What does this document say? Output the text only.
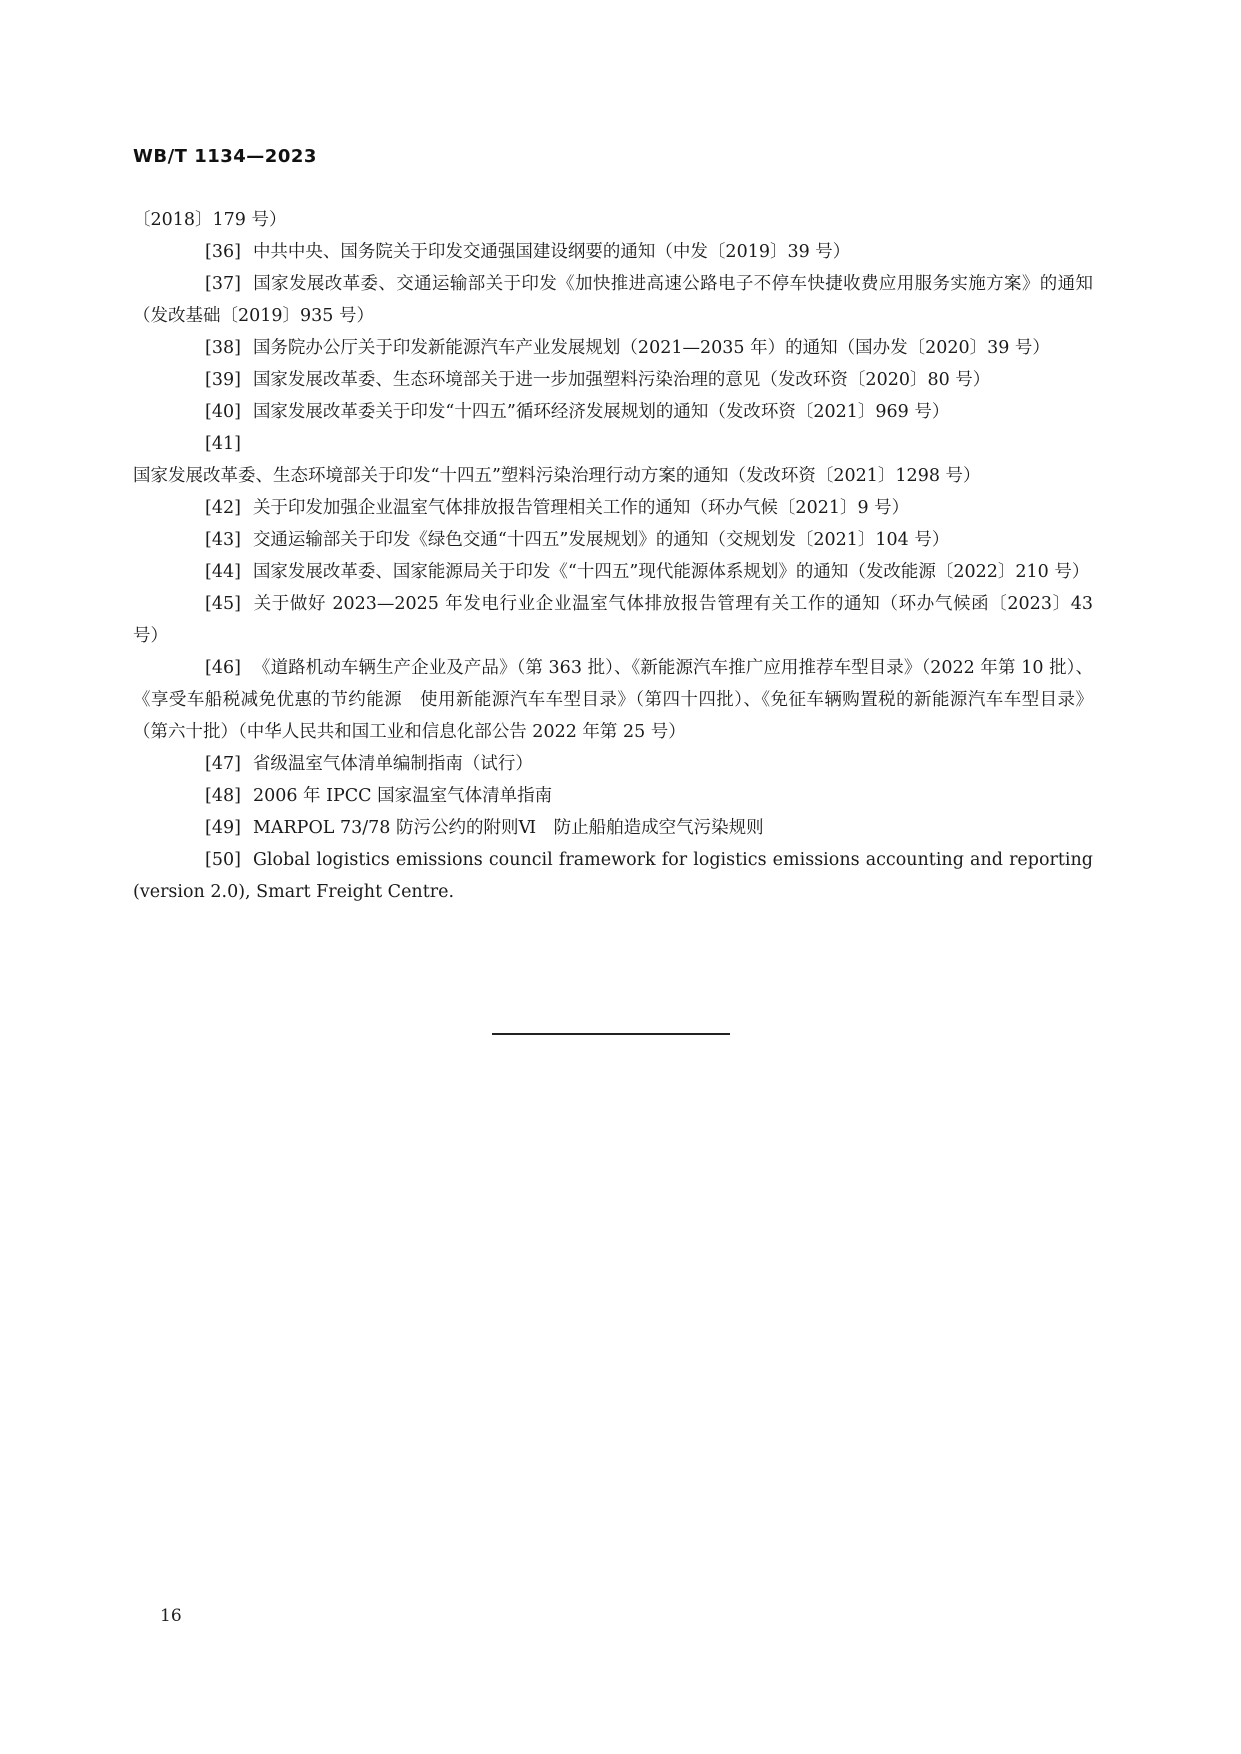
WB/T 1134—2023

〔2018〕179 号）

[36] 中共中央、国务院关于印发交通强国建设纲要的通知（中发〔2019〕39 号）

[37] 国家发展改革委、交通运输部关于印发《加快推进高速公路电子不停车快捷收费应用服务实施方案》的通知（发改基础〔2019〕935 号）

[38] 国务院办公厅关于印发新能源汽车产业发展规划（2021—2035 年）的通知（国办发〔2020〕39 号）

[39] 国家发展改革委、生态环境部关于进一步加强塑料污染治理的意见（发改环资〔2020〕80 号）

[40] 国家发展改革委关于印发“十四五”循环经济发展规划的通知（发改环资〔2021〕969 号）

[41]国家发展改革委、生态环境部关于印发“十四五”塑料污染治理行动方案的通知（发改环资〔2021〕1298 号）

[42] 关于印发加强企业温室气体排放报告管理相关工作的通知（环办气候〔2021〕9 号）

[43] 交通运输部关于印发《绿色交通“十四五”发展规划》的通知（交规划发〔2021〕104 号）

[44] 国家发展改革委、国家能源局关于印发《“十四五”现代能源体系规划》的通知（发改能源〔2022〕210 号）

[45] 关于做好 2023—2025 年发电行业企业温室气体排放报告管理有关工作的通知（环办气候函〔2023〕43 号）

[46] 《道路机动车辆生产企业及产品》（第 363 批）、《新能源汽车推广应用推荐车型目录》（2022 年第 10 批）、《享受车船税减免优惠的节约能源　使用新能源汽车车型目录》（第四十四批）、《免征车辆购置税的新能源汽车车型目录》（第六十批）（中华人民共和国工业和信息化部公告 2022 年第 25 号）

[47] 省级温室气体清单编制指南（试行）

[48] 2006 年 IPCC 国家温室气体清单指南

[49] MARPOL 73/78 防污公约的附则Ⅵ　防止船舶造成空气污染规则

[50] Global logistics emissions council framework for logistics emissions accounting and reporting (version 2.0), Smart Freight Centre.

16
